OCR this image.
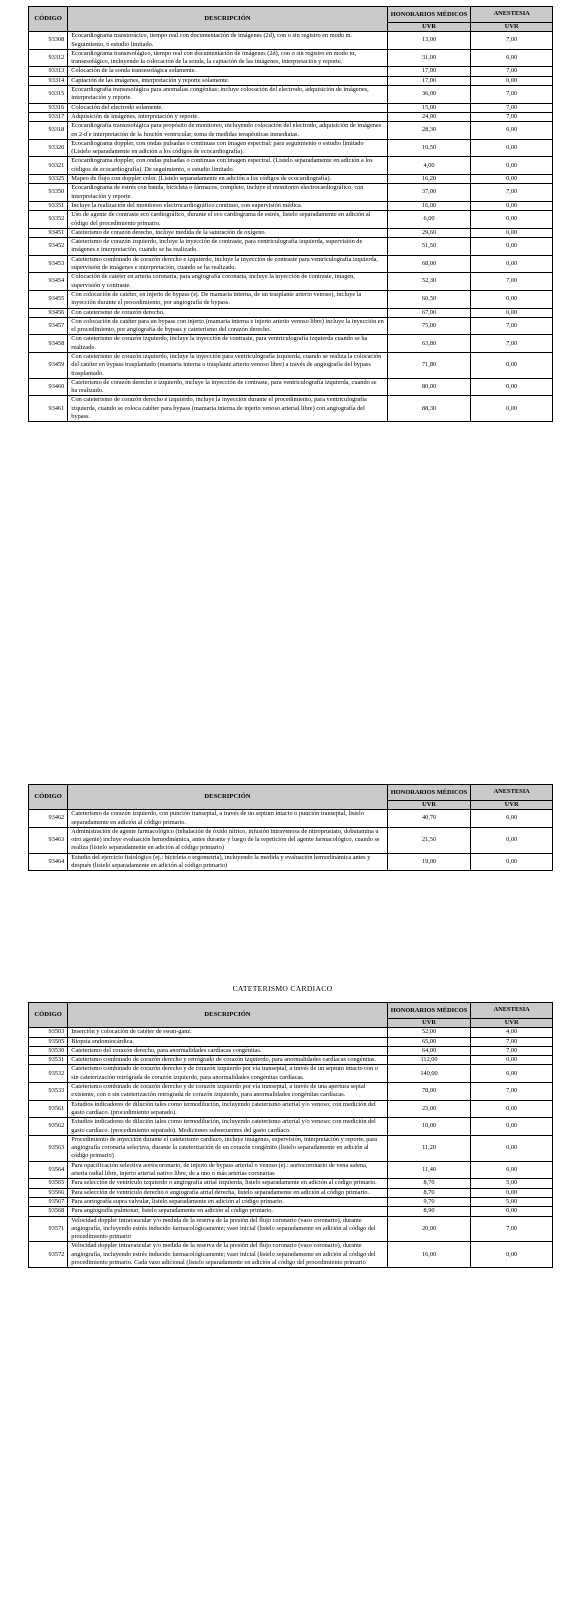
CÓDIGO	DESCRIPCIÓN	HONORARIOS MÉDICOS	ANESTESIA
		UVR	UVR
93308	Ecocardiograma transtorácico, tiempo real con documentación de imágenes (2d), con o sin registro en modo m. Seguimiento, o estudio limitado.	13,00	7,00
93312	Ecocardiograma transesofágico, tiempo real con documentación de imágenes (2d), con o sin registro en modo m, transesofágico, incluyendo la colocación de la sonda, la captación de las imágenes, interpretación y reporte.	31,00	0,00
93313	Colocación de la sonda transesofágica solamente.	17,00	7,00
93314	Captación de las imágenes, interpretación y reporte solamente.	17,00	0,00
93315	Ecocardiografía transesofágica para anomalías congénitas; incluye colocación del electrodo, adquisición de imágenes, interpretación y reporte.	36,00	7,00
93316	Colocación del electrodo solamente.	15,00	7,00
93317	Adquisición de imágenes, interpretación y reporte.	24,00	7,00
93318	Ecocardiografía transesofágica para propósito de monitoreo, incluyendo colocación del electrodo, adquisición de imágenes en 2-d e interpretación de la función ventricular, toma de medidas terapéuticas inmediatas.	28,30	0,00
93320	Ecocardiograma doppler, con ondas pulsadas o continuas con imagen espectral; para seguimiento o estudio limitado (Listelo separadamente en adición a los códigos de ecocardiografía).	10,50	0,00
93321	Ecocardiograma doppler, con ondas pulsadas o continuas con imagen espectral. (Listelo separadamente en adición a los códigos de ecocardiografía). De seguimiento, o estudio limitado.	4,00	0,00
93325	Mapeo de flujo con doppler color. (Listelo separadamente en adición a los códigos de ecocardiografía).	16,20	0,00
93350	Ecocardiograma de estrés con banda, bicicleta o fármacos, completo, incluye el monitoreo electrocardiográfico, con interpretación y reporte.	37,00	7,00
93351	Incluye la realización del monitoreo electrocardiográfico continuo, con supervisión médica.	16,00	0,00
93352	Uso de agente de contraste eco cardiográfico, durante el eco cardiograma de estrés, listelo separadamente en adición al código del procedimiento primario.	6,00	0,00
93451	Cateterismo de corazón derecho, incluye medida de la saturación de oxígeno.	29,60	0,00
93452	Cateterismo de corazón izquierdo, incluye la inyección de contraste, para ventriculografía izquierda, supervisión de imágenes e interpretación, cuando se ha realizado.	51,50	0,00
93453	Cateterismo combinado de corazón derecho e izquierdo, incluye la inyección de contraste para ventriculografía izquierda, supervisión de imágenes e interpretación, cuando se ha realizado.	68,00	0,00
93454	Colocación de catéter en arteria coronaria, para angiografía coronaria, incluye la inyección de contraste, imagen, supervisión y contraste.	52,30	7,00
93455	Con colocación de catéter, en injerto de bypass (ej. De mamaria interna, de un trasplante arterio venoso), incluye la inyección durante el procedimiento, por angiografía de bypass.	60,50	0,00
93456	Con cateterismo de corazón derecho.	67,00	0,00
93457	Con colocación de catéter para un bypass con injerto (mamaria interna e injerto arterio venoso libre) incluye la inyección en el procedimiento, por angiografía de bypass y cateterismo del corazón derecho.	75,00	7,00
93458	Con cateterismo de corazón izquierdo, incluye la inyección de contraste, para ventriculografía izquierda cuando se ha realizado.	63,80	7,00
93459	Con cateterismo de corazón izquierdo, incluye la inyección para ventriculografía izquierda, cuando se realiza la colocación del catéter en bypass trasplantado (mamaria interna o trasplante arterio venoso libre) a través de angiografía del bypass trasplantado.	71,80	0,00
93460	Cateterismo de corazón derecho e izquierdo, incluye la inyección de contraste, para ventriculografía izquierda, cuando se ha realizado.	80,00	0,00
93461	Con cateterismo de corazón derecho e izquierdo, incluye la inyección durante el procedimiento, para ventriculografía izquierda, cuando se coloca catéter para bypass (mamaria interna de injerto venoso arterial libre) con angiografía del bypass.	88,30	0,00
CÓDIGO	DESCRIPCIÓN	HONORARIOS MÉDICOS	ANESTESIA
		UVR	UVR
93462	Cateterismo de corazón izquierdo, con punción transeptal, a través de un septum intacto o punción transeptal, listelo separadamente en adición al código primario.	40,70	0,00
93463	Administración de agente farmacológico (inhalación de óxido nítrico, infusión intravenosa de nitroprusiato, dobutamina u otro agente) incluye evaluación hemodinámica, antes durante y luego de la repetición del agente farmacológico, cuando se realiza (listelo separadamente en adición al código primario)	21,50	0,00
93464	Estudio del ejercicio fisiológico (ej.: bicicleta o ergometría), incluyendo la medida y evaluación hemodinámica antes y después (listelo separadamente en adición al código primario)	19,00	0,00
CATETERISMO CARDIACO
CÓDIGO	DESCRIPCIÓN	HONORARIOS MÉDICOS	ANESTESIA
		UVR	UVR
93503	Inserción y colocación de catéter de swan-ganz.	52,00	4,00
93505	Biopsia endomiocárdica.	65,00	7,00
93530	Cateterismo del corazón derecho, para anormalidades cardíacas congénitas.	64,00	7,00
93531	Cateterismo combinado de corazón derecho y retrógrado de corazón izquierdo, para anormalidades cardíacas congénitas.	112,00	0,00
93532	Cateterismo combinado de corazón derecho y de corazón izquierdo por vía transeptal, a través de un septum intacto con o sin cateterización retrógrada de corazón izquierdo, para anormalidades congénitas cardíacas.	140,00	0,00
93533	Cateterismo combinado de corazón derecho y de corazón izquierdo por vía transeptal, a través de una apertura septal existente, con o sin cateterización retrógrada de corazón izquierdo, para anormalidades congénitas cardíacas.	78,00	7,00
93561	Estudios indicadores de dilución tales como termodilución, incluyendo cateterismo arterial y/o venoso; con medición del gasto cardíaco. (procedimiento separado).	23,00	0,00
93562	Estudios indicadores de dilución tales como termodilución, incluyendo cateterismo arterial y/o venoso; con medición del gasto cardíaco. (procedimiento separado). Mediciones subsecuentes del gasto cardíaco.	10,00	0,00
93563	Procedimiento de inyección durante el cateterismo cardíaco, incluye imágenes, supervisión, interpretación y reporte, para angiografía coronaria selectiva, durante la cateterización de un corazón congénito (listelo separadamente en adición al código primario)	11,20	0,00
93564	Para opacificación selectiva aortocoronario, de injerto de bypass arterial o venoso (ej.: aortocoronario de vena safena, arteria radial libre, injerto arterial nativo libre, de a uno o más arterias coronarias	11,40	0,00
93565	Para selección de ventrículo izquierdo o angiografía atrial izquierda, listelo separadamente en adición al código primario.	8,70	5,00
93566	Para selección de ventrículo derecho o angiografía atrial derecha, listelo separadamente en adición al código primario.	8,70	0,00
93567	Para aortografía supra valvular, listelo separadamente en adición al código primario.	9,70	5,00
93568	Para angiografía pulmonar, listelo separadamente en adición al código primario.	8,90	0,00
93571	Velocidad doppler intravascular y/o medida de la reserva de la presión del flujo coronario (vaso coronario), durante angiografía, incluyendo estrés inducido farmacológicamente; vaso inicial (listelo separadamente en adición al código del procedimiento primario	20,00	7,00
93572	Velocidad doppler intravascular y/o medida de la reserva de la presión del flujo coronario (vaso coronario), durante angiografía, incluyendo estrés inducido farmacológicamente; vaso inicial (listelo separadamente en adición al código del procedimiento primario. Cada vaso adicional (listelo separadamente en adición al código del procedimiento primario	16,00	0,00
